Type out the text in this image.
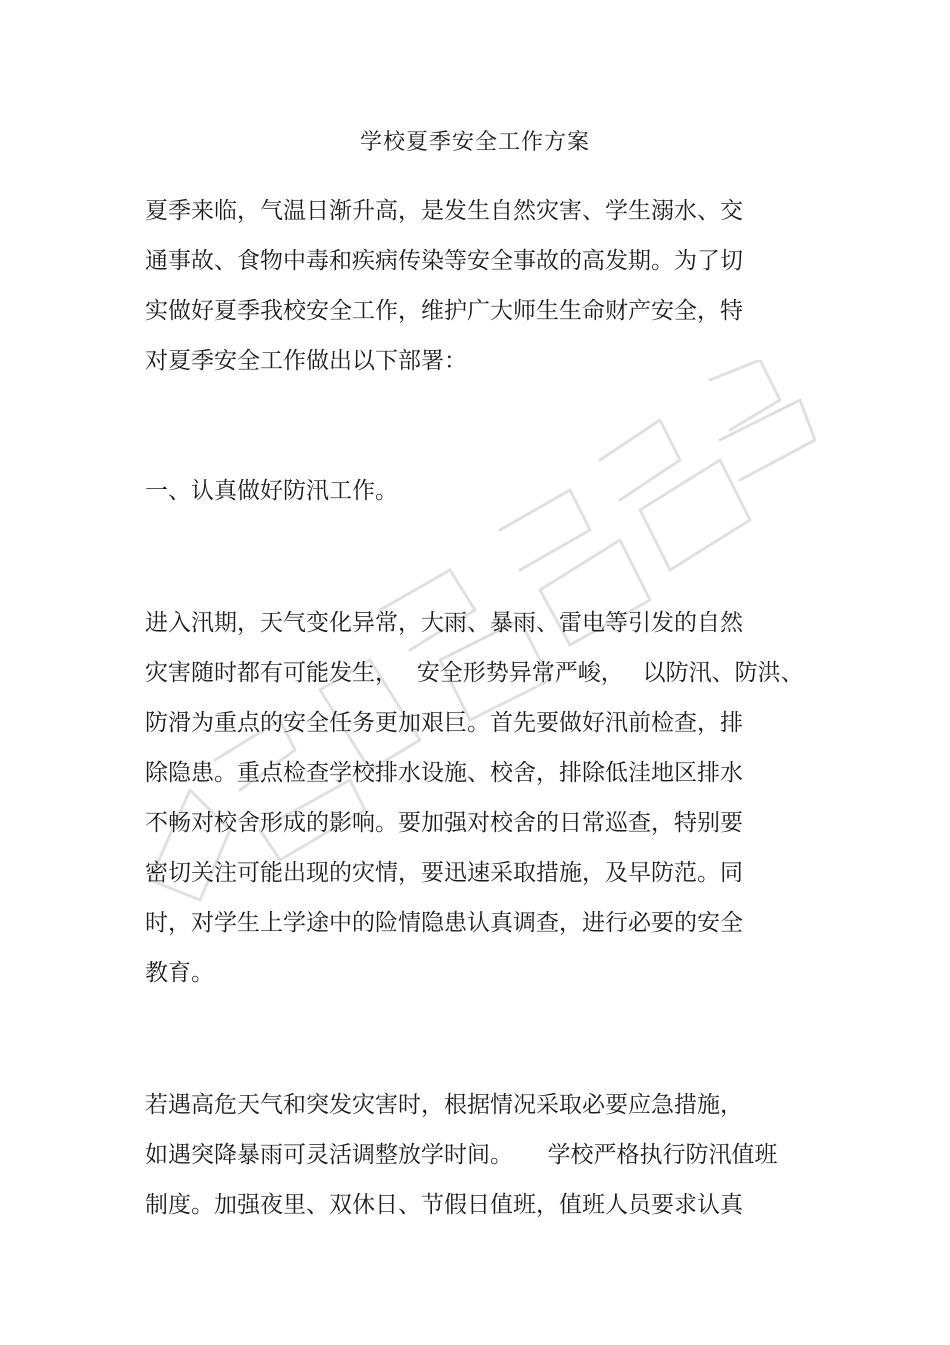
学校夏季安全工作方案
夏季来临，气温日渐升高，是发生自然灾害、学生溺水、交
通事故、食物中毒和疾病传染等安全事故的高发期。为了切
实做好夏季我校安全工作，维护广大师生生命财产安全，特
对夏季安全工作做出以下部署：
一、认真做好防汛工作。
进入汛期，天气变化异常，大雨、暴雨、雷电等引发的自然
灾害随时都有可能发生，　 安全形势异常严峻，　 以防汛、防洪、
防滑为重点的安全任务更加艰巨。首先要做好汛前检查，排
除隐患。重点检查学校排水设施、校舍，排除低洼地区排水
不畅对校舍形成的影响。要加强对校舍的日常巡查，特别要
密切关注可能出现的灾情，要迅速采取措施，及早防范。同
时，对学生上学途中的险情隐患认真调查，进行必要的安全
教育。
若遇高危天气和突发灾害时，根据情况采取必要应急措施，
如遇突降暴雨可灵活调整放学时间。　　学校严格执行防汛值班
制度。加强夜里、双休日、节假日值班，值班人员要求认真
